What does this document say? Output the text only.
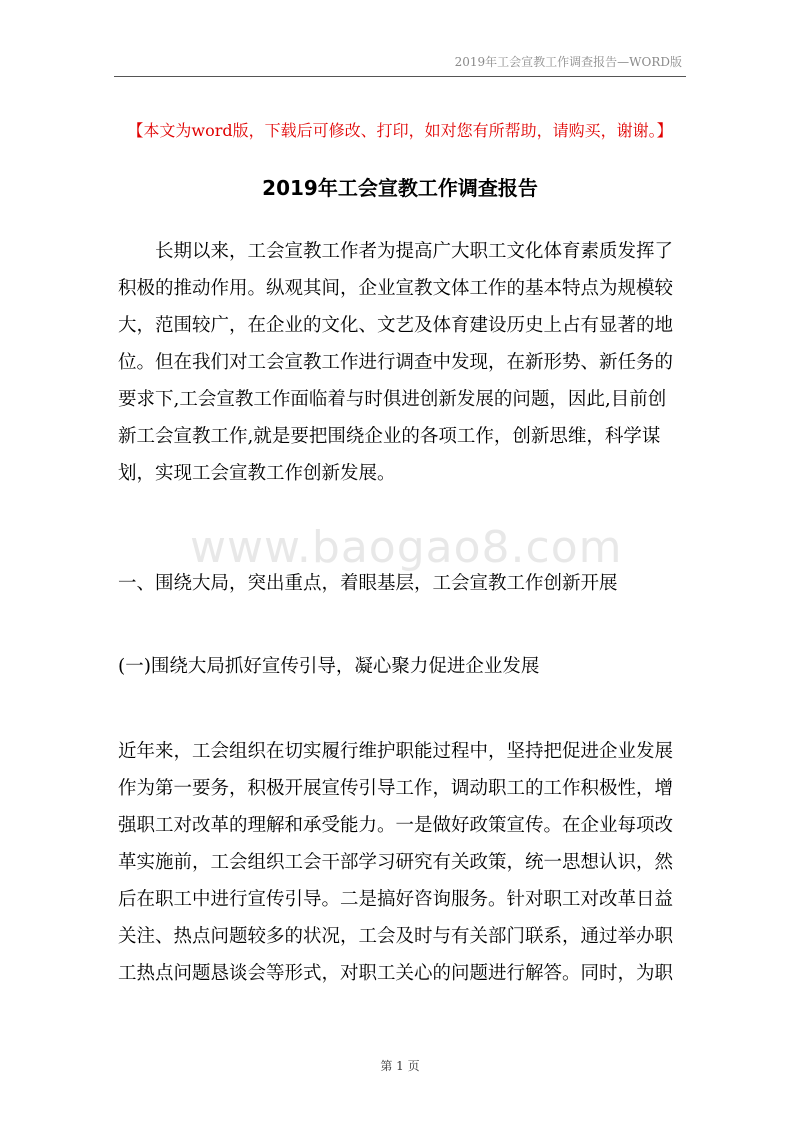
2019年工会宣教工作调查报告—WORD版
【本文为word版，下载后可修改、打印，如对您有所帮助，请购买，谢谢。】
2019年工会宣教工作调查报告
长期以来，工会宣教工作者为提高广大职工文化体育素质发挥了
积极的推动作用。纵观其间，企业宣教文体工作的基本特点为规模较
大，范围较广，在企业的文化、文艺及体育建设历史上占有显著的地
位。但在我们对工会宣教工作进行调查中发现，在新形势、新任务的
要求下,工会宣教工作面临着与时俱进创新发展的问题，因此,目前创
新工会宣教工作,就是要把围绕企业的各项工作，创新思维，科学谋
划，实现工会宣教工作创新发展。
www.baogao8.com
一、围绕大局，突出重点，着眼基层，工会宣教工作创新开展
(一)围绕大局抓好宣传引导，凝心聚力促进企业发展
近年来，工会组织在切实履行维护职能过程中，坚持把促进企业发展
作为第一要务，积极开展宣传引导工作，调动职工的工作积极性，增
强职工对改革的理解和承受能力。一是做好政策宣传。在企业每项改
革实施前，工会组织工会干部学习研究有关政策，统一思想认识，然
后在职工中进行宣传引导。二是搞好咨询服务。针对职工对改革日益
关注、热点问题较多的状况，工会及时与有关部门联系，通过举办职
工热点问题恳谈会等形式，对职工关心的问题进行解答。同时，为职
第 1 页
